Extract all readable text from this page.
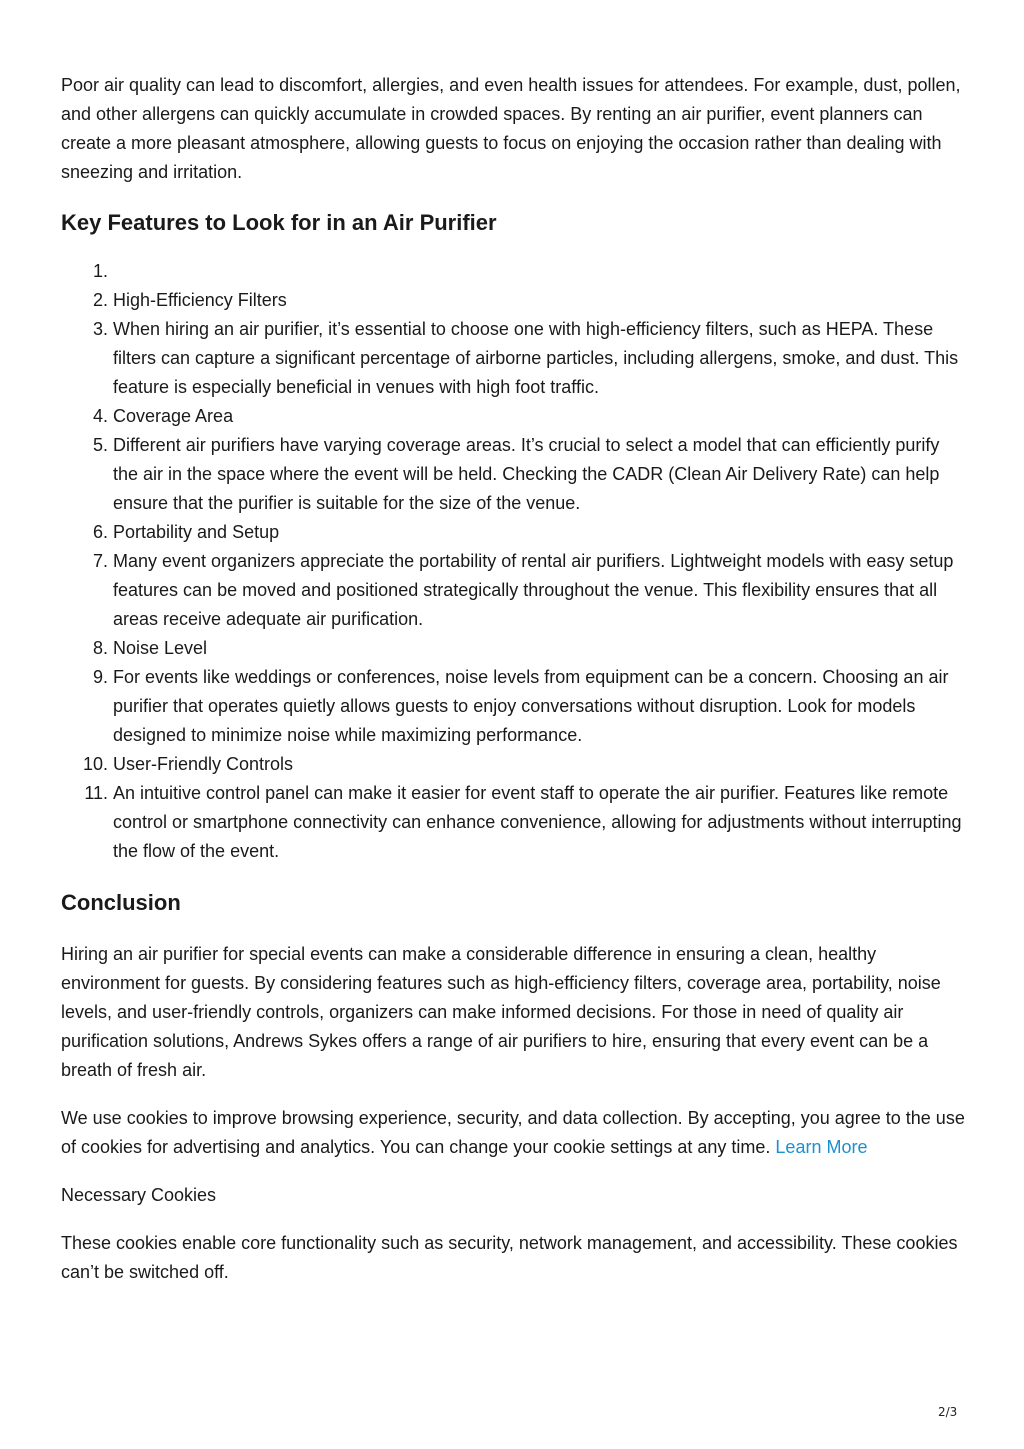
Poor air quality can lead to discomfort, allergies, and even health issues for attendees. For example, dust, pollen, and other allergens can quickly accumulate in crowded spaces. By renting an air purifier, event planners can create a more pleasant atmosphere, allowing guests to focus on enjoying the occasion rather than dealing with sneezing and irritation.

Key Features to Look for in an Air Purifier
1.
2. High-Efficiency Filters
3. When hiring an air purifier, it’s essential to choose one with high-efficiency filters, such as HEPA. These filters can capture a significant percentage of airborne particles, including allergens, smoke, and dust. This feature is especially beneficial in venues with high foot traffic.
4. Coverage Area
5. Different air purifiers have varying coverage areas. It’s crucial to select a model that can efficiently purify the air in the space where the event will be held. Checking the CADR (Clean Air Delivery Rate) can help ensure that the purifier is suitable for the size of the venue.
6. Portability and Setup
7. Many event organizers appreciate the portability of rental air purifiers. Lightweight models with easy setup features can be moved and positioned strategically throughout the venue. This flexibility ensures that all areas receive adequate air purification.
8. Noise Level
9. For events like weddings or conferences, noise levels from equipment can be a concern. Choosing an air purifier that operates quietly allows guests to enjoy conversations without disruption. Look for models designed to minimize noise while maximizing performance.
10. User-Friendly Controls
11. An intuitive control panel can make it easier for event staff to operate the air purifier. Features like remote control or smartphone connectivity can enhance convenience, allowing for adjustments without interrupting the flow of the event.
Conclusion

Hiring an air purifier for special events can make a considerable difference in ensuring a clean, healthy environment for guests. By considering features such as high-efficiency filters, coverage area, portability, noise levels, and user-friendly controls, organizers can make informed decisions. For those in need of quality air purification solutions, Andrews Sykes offers a range of air purifiers to hire, ensuring that every event can be a breath of fresh air.

We use cookies to improve browsing experience, security, and data collection. By accepting, you agree to the use of cookies for advertising and analytics. You can change your cookie settings at any time. Learn More

Necessary Cookies

These cookies enable core functionality such as security, network management, and accessibility. These cookies can’t be switched off.

2/3
